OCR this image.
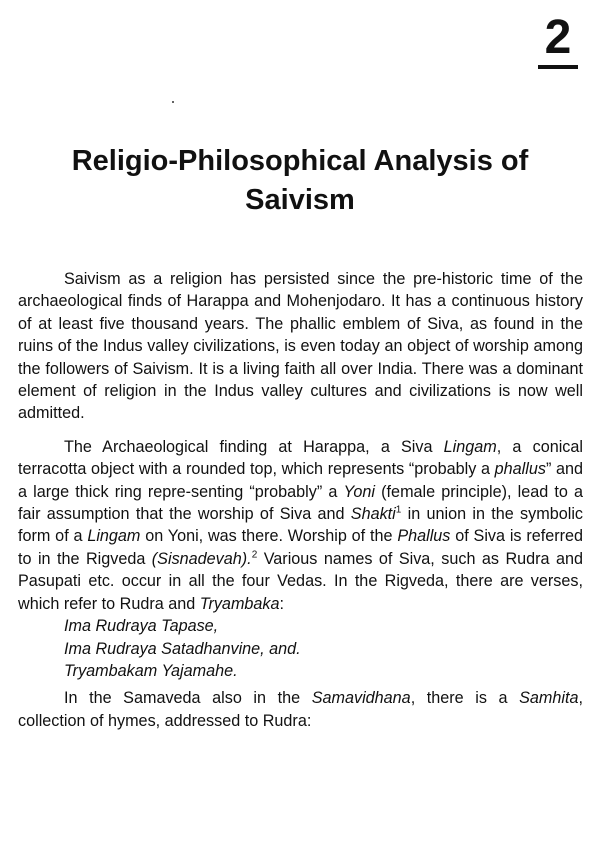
2
Religio-Philosophical Analysis of
Saivism

Saivism as a religion has persisted since the pre-historic time of the archaeological finds of Harappa and Mohenjodaro. It has a continuous history of at least five thousand years. The phallic emblem of Siva, as found in the ruins of the Indus valley civilizations, is even today an object of worship among the followers of Saivism. It is a living faith all over India. There was a dominant element of religion in the Indus valley cultures and civilizations is now well admitted.

The Archaeological finding at Harappa, a Siva Lingam, a conical terracotta object with a rounded top, which represents “probably a phallus” and a large thick ring repre-senting “probably” a Yoni (female principle), lead to a fair assumption that the worship of Siva and Shakti$^1$ in union in the symbolic form of a Lingam on Yoni, was there. Worship of the Phallus of Siva is referred to in the Rigveda (Sisnadevah).$^2$ Various names of Siva, such as Rudra and Pasupati etc. occur in all the four Vedas. In the Rigveda, there are verses, which refer to Rudra and Tryambaka:

Ima Rudraya Tapase,
Ima Rudraya Satadhanvine, and.
Tryambakam Yajamahe.

In the Samaveda also in the Samavidhana, there is a Samhita, collection of hymes, addressed to Rudra:
